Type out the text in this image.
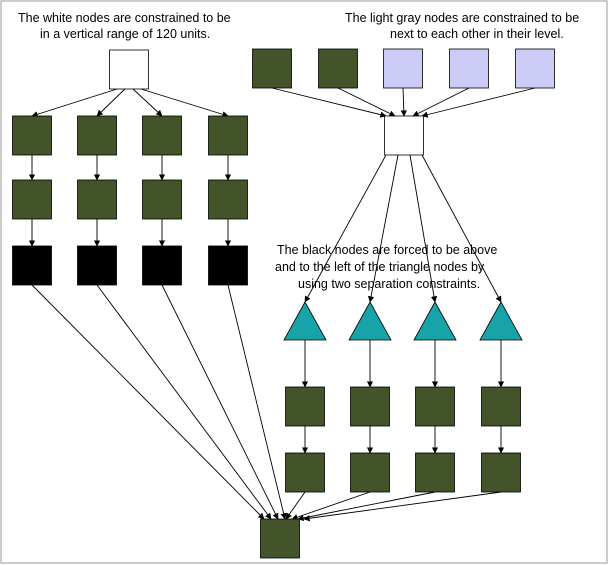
The white nodes are constrained to be
in a vertical range of 120 units.
The light gray nodes are constrained to be
next to each other in their level.
The black nodes are forced to be above
and to the left of the triangle nodes by
using two separation constraints.
